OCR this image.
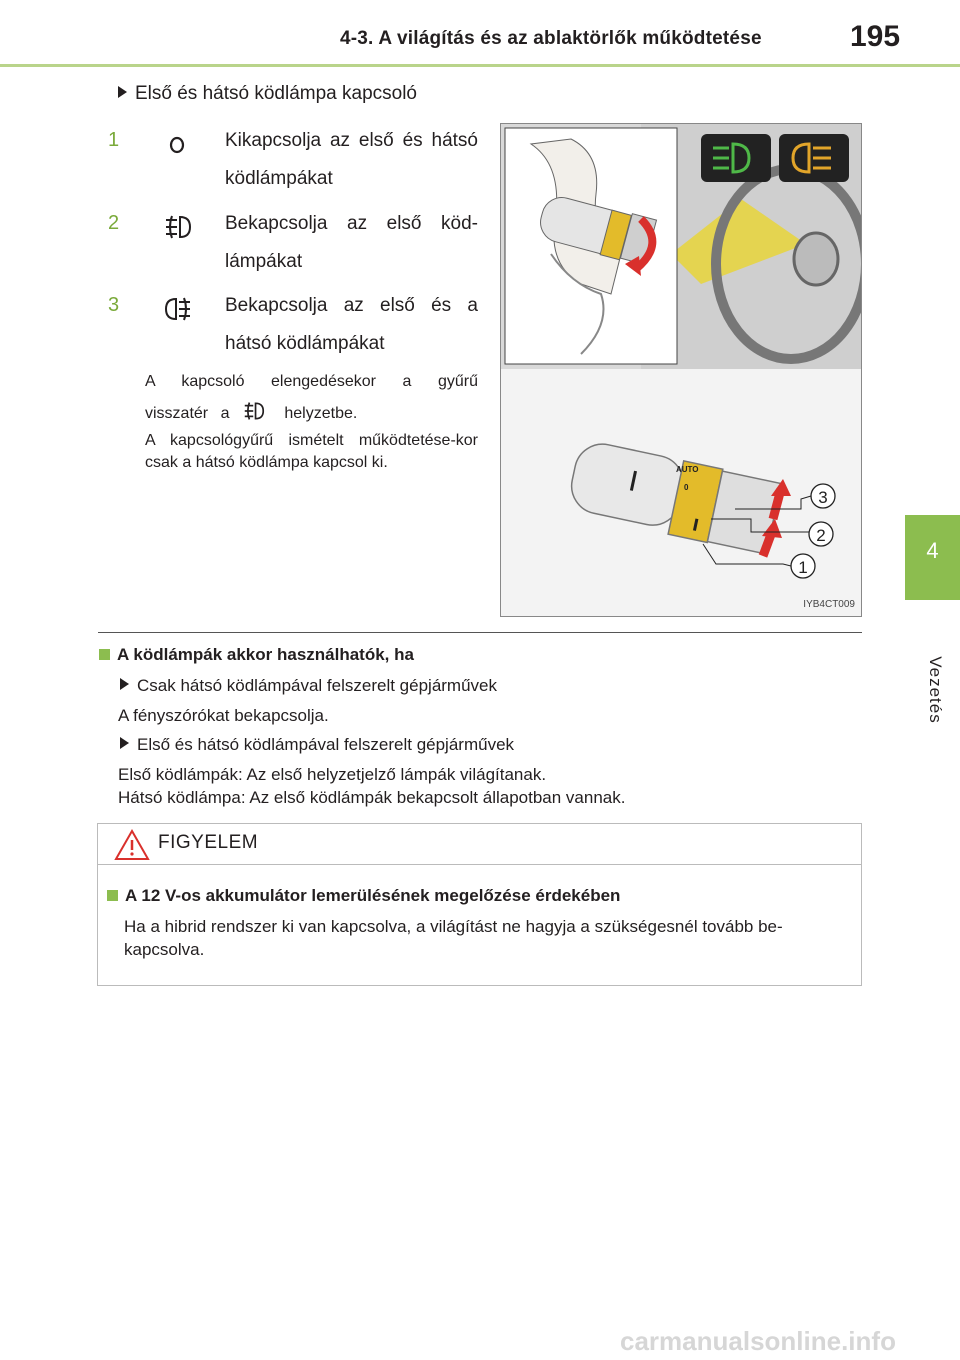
4-3. A világítás és az ablaktörlők működtetése	195
4
Vezetés
Első és hátsó ködlámpa kapcsoló
1	Kikapcsolja az első és hátsó ködlámpákat
2	Bekapcsolja az első köd-lámpákat
3	Bekapcsolja az első és a hátsó ködlámpákat
A kapcsoló elengedésekor a gyűrű visszatér a	helyzetbe.
A kapcsológyűrű ismételt működtetése-kor csak a hátsó ködlámpa kapcsol ki.	AUTO
0
3
2
1
IYB4CT009
A ködlámpák akkor használhatók, ha
Csak hátsó ködlámpával felszerelt gépjárművek
A fényszórókat bekapcsolja.
Első és hátsó ködlámpával felszerelt gépjárművek
Első ködlámpák: Az első helyzetjelző lámpák világítanak.
Hátsó ködlámpa: Az első ködlámpák bekapcsolt állapotban vannak.
FIGYELEM
A 12 V-os akkumulátor lemerülésének megelőzése érdekében
Ha a hibrid rendszer ki van kapcsolva, a világítást ne hagyja a szükségesnél tovább be-kapcsolva.
carmanualsonline.info
